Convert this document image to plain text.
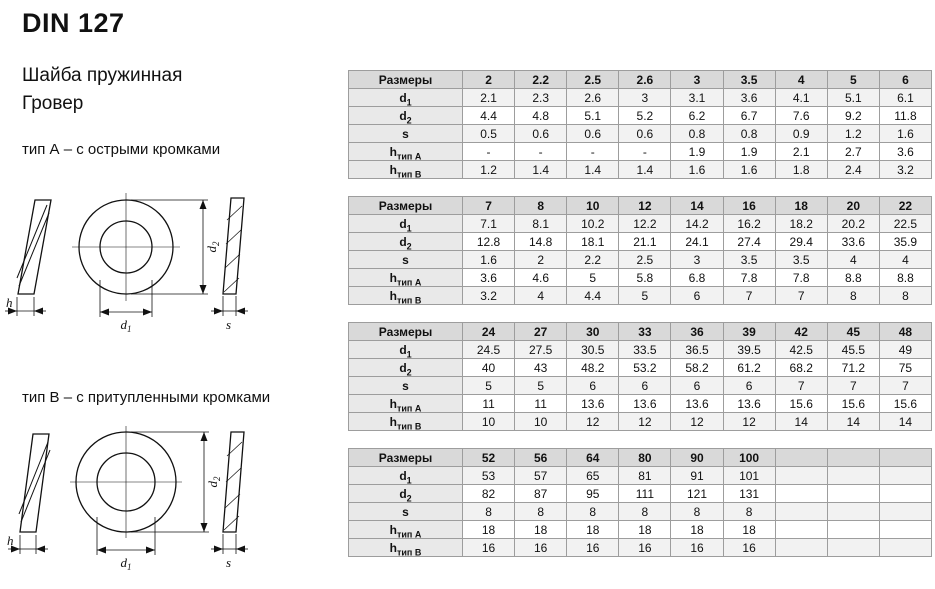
DIN 127
Шайба пружинная
Гровер
тип А – с острыми кромками
h
$d_1$
$d_2$
s
тип В – с притупленными кромками
h
$d_1$
$d_2$
s
Размеры	2	2.2	2.5	2.6	3	3.5	4	5	6
$d_1$	2.1	2.3	2.6	3	3.1	3.6	4.1	5.1	6.1
$d_2$	4.4	4.8	5.1	5.2	6.2	6.7	7.6	9.2	11.8
s	0.5	0.6	0.6	0.6	0.8	0.8	0.9	1.2	1.6
$h_{тип А}$	-	-	-	-	1.9	1.9	2.1	2.7	3.6
$h_{тип В}$	1.2	1.4	1.4	1.4	1.6	1.6	1.8	2.4	3.2
Размеры	7	8	10	12	14	16	18	20	22
$d_1$	7.1	8.1	10.2	12.2	14.2	16.2	18.2	20.2	22.5
$d_2$	12.8	14.8	18.1	21.1	24.1	27.4	29.4	33.6	35.9
s	1.6	2	2.2	2.5	3	3.5	3.5	4	4
$h_{тип А}$	3.6	4.6	5	5.8	6.8	7.8	7.8	8.8	8.8
$h_{тип В}$	3.2	4	4.4	5	6	7	7	8	8
Размеры	24	27	30	33	36	39	42	45	48
$d_1$	24.5	27.5	30.5	33.5	36.5	39.5	42.5	45.5	49
$d_2$	40	43	48.2	53.2	58.2	61.2	68.2	71.2	75
s	5	5	6	6	6	6	7	7	7
$h_{тип А}$	11	11	13.6	13.6	13.6	13.6	15.6	15.6	15.6
$h_{тип В}$	10	10	12	12	12	12	14	14	14
Размеры	52	56	64	80	90	100			
$d_1$	53	57	65	81	91	101			
$d_2$	82	87	95	111	121	131			
s	8	8	8	8	8	8			
$h_{тип А}$	18	18	18	18	18	18			
$h_{тип В}$	16	16	16	16	16	16			
